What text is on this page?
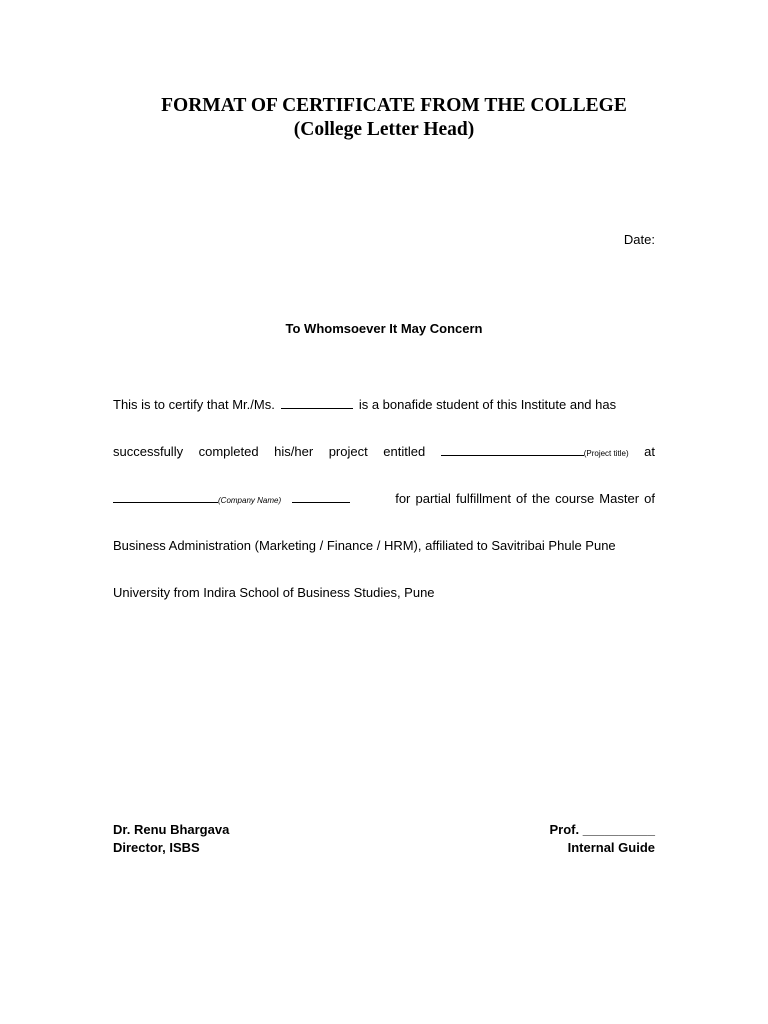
FORMAT OF CERTIFICATE FROM THE COLLEGE
(College Letter Head)
Date:
To Whomsoever It May Concern
This is to certify that Mr./Ms.	is a bonafide student of this Institute and has
successfully completed his/her project entitled	(Project title) at
(Company Name)	for partial fulfillment of the course Master of
Business Administration (Marketing / Finance / HRM), affiliated to Savitribai Phule Pune
University from Indira School of Business Studies, Pune
Dr. Renu Bhargava
Director, ISBS
Prof. __________
Internal Guide
